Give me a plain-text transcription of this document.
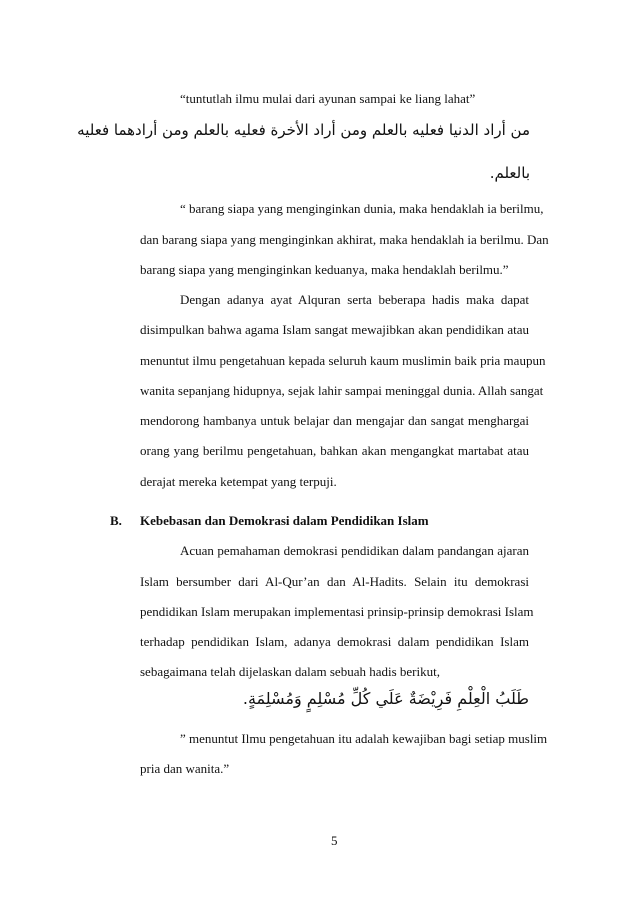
“tuntutlah ilmu mulai dari ayunan sampai ke liang lahat”
من أراد الدنيا فعليه بالعلم ومن أراد الأخرة فعليه بالعلم ومن أرادهما فعليه
بالعلم.
“ barang siapa yang menginginkan dunia, maka hendaklah ia berilmu,
dan barang siapa yang menginginkan akhirat, maka hendaklah ia berilmu. Dan
barang siapa yang menginginkan keduanya, maka hendaklah berilmu.”
Dengan adanya ayat Alquran serta beberapa hadis maka dapat
disimpulkan bahwa agama Islam sangat mewajibkan akan pendidikan atau
menuntut ilmu pengetahuan kepada seluruh kaum muslimin baik pria maupun
wanita sepanjang hidupnya, sejak lahir sampai meninggal dunia. Allah sangat
mendorong hambanya untuk belajar dan mengajar dan sangat menghargai
orang yang berilmu pengetahuan, bahkan akan mengangkat martabat atau
derajat mereka ketempat yang terpuji.
B. Kebebasan dan Demokrasi dalam Pendidikan Islam
Acuan pemahaman demokrasi pendidikan dalam pandangan ajaran
Islam bersumber dari Al-Qur’an dan Al-Hadits. Selain itu demokrasi
pendidikan Islam merupakan implementasi prinsip-prinsip demokrasi Islam
terhadap pendidikan Islam, adanya demokrasi dalam pendidikan Islam
sebagaimana telah dijelaskan dalam sebuah hadis berikut,
طَلَبُ الْعِلْمِ فَرِيْضَةٌ عَلَي كُلِّ مُسْلِمٍ وَمُسْلِمَةٍ.
” menuntut Ilmu pengetahuan itu adalah kewajiban bagi setiap muslim
pria dan wanita.”
5
